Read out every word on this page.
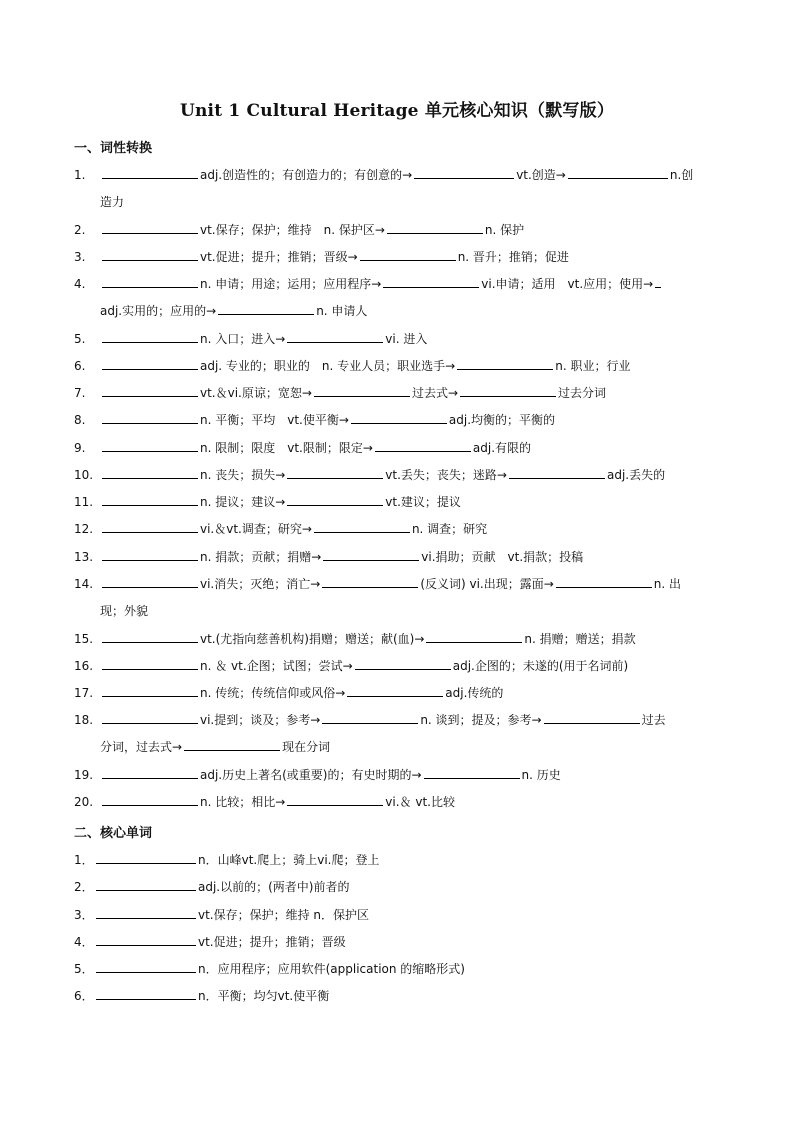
Unit 1 Cultural Heritage 单元核心知识（默写版）
一、词性转换
1.	adj.创造性的；有创造力的；有创意的→	vt.创造→	n.创
造力
2.	vt.保存；保护；维持　n. 保护区→	n. 保护
3.	vt.促进；提升；推销；晋级→	n. 晋升；推销；促进
4.	n. 申请；用途；运用；应用程序→	vi.申请；适用　vt.应用；使用→
adj.实用的；应用的→	n. 申请人
5.	n. 入口；进入→	vi. 进入
6.	adj. 专业的；职业的　n. 专业人员；职业选手→	n. 职业；行业
7.	vt.＆vi.原谅；宽恕→	过去式→	过去分词
8.	n. 平衡；平均　vt.使平衡→	adj.均衡的；平衡的
9.	n. 限制；限度　vt.限制；限定→	adj.有限的
10.	n. 丧失；损失→	vt.丢失；丧失；迷路→	adj.丢失的
11.	n. 提议；建议→	vt.建议；提议
12.	vi.＆vt.调查；研究→	n. 调查；研究
13.	n. 捐款；贡献；捐赠→	vi.捐助；贡献　vt.捐款；投稿
14.	vi.消失；灭绝；消亡→	(反义词) vi.出现；露面→	n. 出
现；外貌
15.	vt.(尤指向慈善机构)捐赠；赠送；献(血)→	n. 捐赠；赠送；捐款
16.	n. ＆ vt.企图；试图；尝试→	adj.企图的；未遂的(用于名词前)
17.	n. 传统；传统信仰或风俗→	adj.传统的
18.	vi.提到；谈及；参考→	n. 谈到；提及；参考→	过去
分词，过去式→	现在分词
19.	adj.历史上著名(或重要)的；有史时期的→	n. 历史
20.	n. 比较；相比→	vi.＆ vt.比较
二、核心单词
1．	n．山峰vt.爬上；骑上vi.爬；登上
2．	adj.以前的；(两者中)前者的
3．	vt.保存；保护；维持 n．保护区
4．	vt.促进；提升；推销；晋级
5．	n．应用程序；应用软件(application 的缩略形式)
6．	n．平衡；均匀vt.使平衡
